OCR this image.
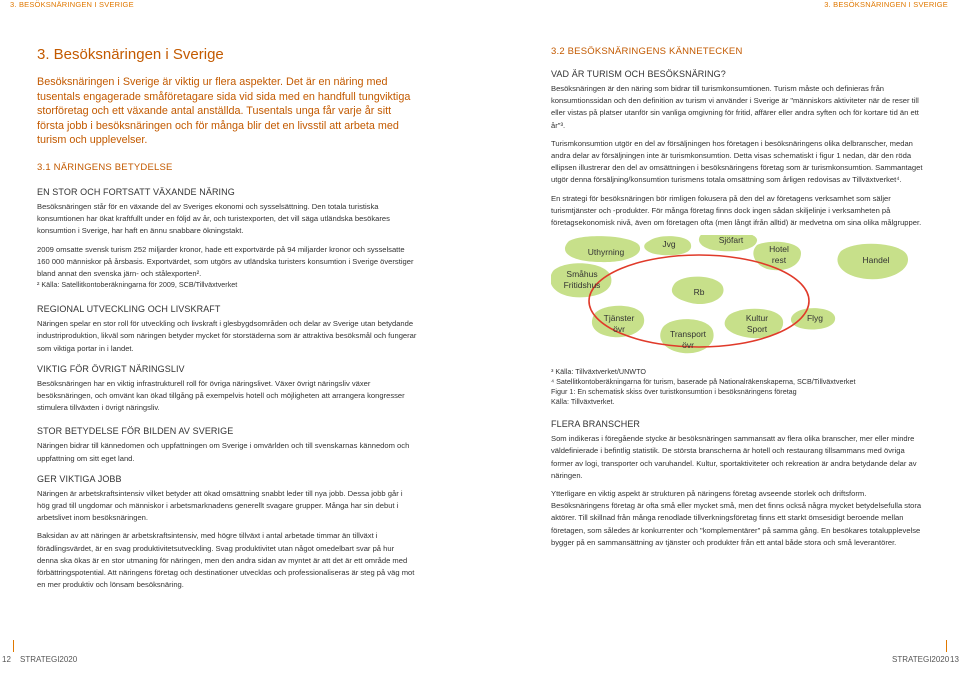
3. BESÖKSNÄRINGEN I SVERIGE	3. BESÖKSNÄRINGEN I SVERIGE
3. Besöksnäringen i Sverige

Besöksnäringen i Sverige är viktig ur flera aspekter. Det är en näring med tusentals engagerade småföretagare sida vid sida med en handfull tungviktiga storföretag och ett växande antal anställda. Tusentals unga får varje år sitt första jobb i besöksnäringen och för många blir det en livsstil att arbeta med turism och upplevelser.

3.1 NÄRINGENS BETYDELSE
EN STOR OCH FORTSATT VÄXANDE NÄRING

Besöksnäringen står för en växande del av Sveriges ekonomi och sysselsättning. Den totala turistiska konsumtionen har ökat kraftfullt under en följd av år, och turistexporten, det vill säga utländska besökares konsumtion i Sverige, har haft en ännu snabbare ökningstakt.

2009 omsatte svensk turism 252 miljarder kronor, hade ett exportvärde på 94 miljarder kronor och sysselsatte 160 000 människor på årsbasis. Exportvärdet, som utgörs av utländska turisters konsumtion i Sverige överstiger bland annat den svenska järn- och stålexporten².

² Källa: Satellitkontoberäkningarna för 2009, SCB/Tillväxtverket

REGIONAL UTVECKLING OCH LIVSKRAFT

Näringen spelar en stor roll för utveckling och livskraft i glesbygdsområden och delar av Sverige utan betydande industriproduktion, likväl som näringen betyder mycket för storstäderna som är attraktiva besöksmål och fungerar som viktiga portar in i landet.

VIKTIG FÖR ÖVRIGT NÄRINGSLIV

Besöksnäringen har en viktig infrastrukturell roll för övriga näringslivet. Växer övrigt näringsliv växer besöksnäringen, och omvänt kan ökad tillgång på exempelvis hotell och möjligheten att arrangera kongresser stimulera tillväxten i övrigt näringsliv.

STOR BETYDELSE FÖR BILDEN AV SVERIGE

Näringen bidrar till kännedomen och uppfattningen om Sverige i omvärlden och till svenskarnas kännedom och uppfattning om sitt eget land.

GER VIKTIGA JOBB

Näringen är arbetskraftsintensiv vilket betyder att ökad omsättning snabbt leder till nya jobb. Dessa jobb går i hög grad till ungdomar och människor i arbetsmarknadens generellt svagare grupper. Många har sin debut i arbetslivet inom besöksnäringen.

Baksidan av att näringen är arbetskraftsintensiv, med högre tillväxt i antal arbetade timmar än tillväxt i förädlingsvärdet, är en svag produktivitetsutveckling. Svag produktivitet utan något omedelbart svar på hur denna ska ökas är en stor utmaning för näringen, men den andra sidan av myntet är att det är ett område med förbättringspotential. Att näringens företag och destinationer utvecklas och professionaliseras är steg på väg mot en mer produktiv och lönsam besöksnäring.

3.2 BESÖKSNÄRINGENS KÄNNETECKEN
VAD ÄR TURISM OCH BESÖKSNÄRING?

Besöksnäringen är den näring som bidrar till turismkonsumtionen. Turism måste och definieras från konsumtionssidan och den definition av turism vi använder i Sverige är "människors aktiviteter när de reser till eller vistas på platser utanför sin vanliga omgivning för fritid, affärer eller andra syften och för kortare tid än ett år"³.

Turismkonsumtion utgör en del av försäljningen hos företagen i besöksnäringens olika delbranscher, medan andra delar av försäljningen inte är turismkonsumtion. Detta visas schematiskt i figur 1 nedan, där den röda ellipsen illustrerar den del av omsättningen i besöksnäringens företag som är turismkonsumtion. Sammantaget utgör denna försäljning/konsumtion turismens totala omsättning som årligen redovisas av Tillväxtverket⁴.

En strategi för besöksnäringen bör rimligen fokusera på den del av företagens verksamhet som säljer turismtjänster och -produkter. För många företag finns dock ingen sådan skiljelinje i verksamheten på företagsekonomisk nivå, även om företagen ofta (men långt ifrån alltid) är medvetna om sina olika målgrupper.

Uthyrning
Jvg	Sjöfart
Hotel
rest	Handel
Småhus
Fritidshus
Rb
Tjänster
övr	Transport
övr
Kultur
Sport
Flyg

³ Källa: Tillväxtverket/UNWTO

⁴ Satellitkontoberäkningarna för turism, baserade på Nationalräkenskaperna, SCB/Tillväxtverket

Figur 1: En schematisk skiss över turistkonsumtion i besöksnäringens företag

Källa: Tillväxtverket.

FLERA BRANSCHER

Som indikeras i föregående stycke är besöksnäringen sammansatt av flera olika branscher, mer eller mindre väldefinierade i befintlig statistik. De största branscherna är hotell och restaurang tillsammans med övriga former av logi, transporter och varuhandel. Kultur, sportaktiviteter och rekreation är andra betydande delar av näringen.

Ytterligare en viktig aspekt är strukturen på näringens företag avseende storlek och driftsform. Besöksnäringens företag är ofta små eller mycket små, men det finns också några mycket betydelsefulla stora aktörer. Till skillnad från många renodlade tillverkningsföretag finns ett starkt ömsesidigt beroende mellan företagen, som således är konkurrenter och "komplementärer" på samma gång. En besökares totalupplevelse bygger på en sammansättning av tjänster och produkter från ett antal både stora och små leverantörer.

12 STRATEGI2020	STRATEGI2020 13
